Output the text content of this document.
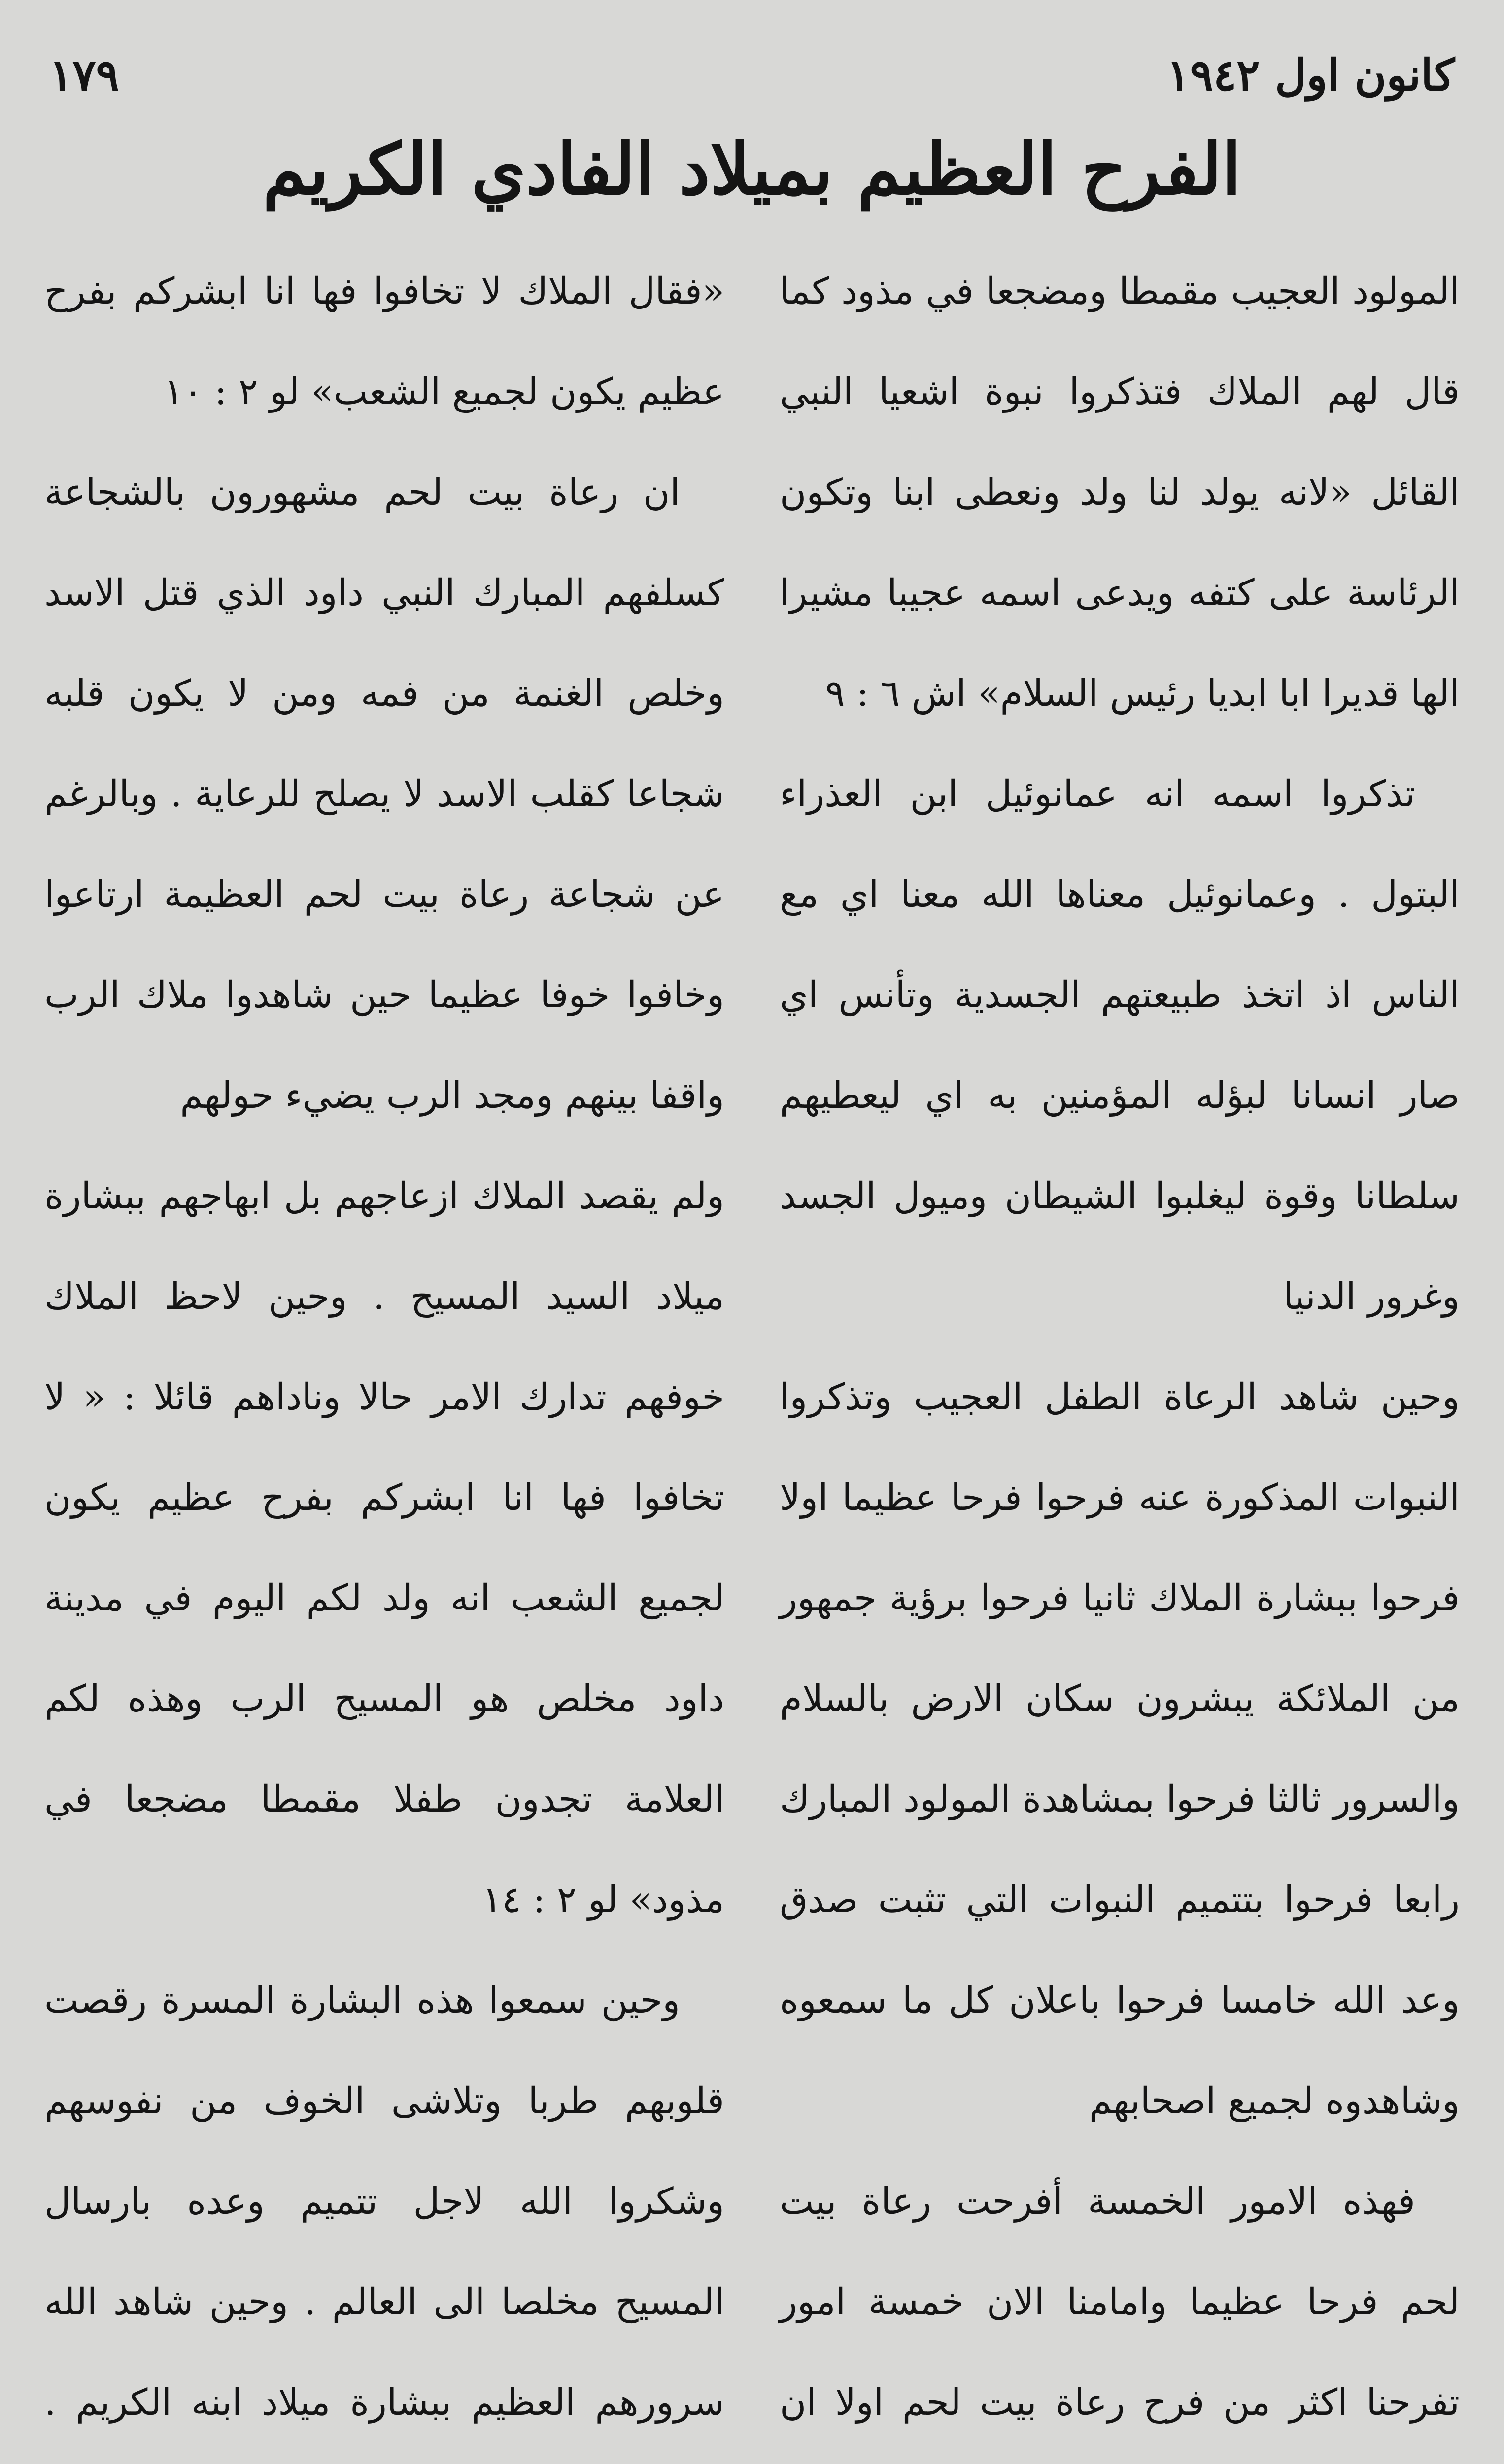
كانون اول ١٩٤٢
١٧٩
الفرح العظيم بميلاد الفادي الكريم

«فقال الملاك لا تخافوا فها انا ابشركم بفرح عظيم يكون لجميع الشعب» لو ٢ : ١٠

ان رعاة بيت لحم مشهورون بالشجاعة كسلفهم المبارك النبي داود الذي قتل الاسد وخلص الغنمة من فمه ومن لا يكون قلبه شجاعا كقلب الاسد لا يصلح للرعاية . وبالرغم عن شجاعة رعاة بيت لحم العظيمة ارتاعوا وخافوا خوفا عظيما حين شاهدوا ملاك الرب واقفا بينهم ومجد الرب يضيء حولهم

ولم يقصد الملاك ازعاجهم بل ابهاجهم ببشارة ميلاد السيد المسيح . وحين لاحظ الملاك خوفهم تدارك الامر حالا وناداهم قائلا : « لا تخافوا فها انا ابشركم بفرح عظيم يكون لجميع الشعب انه ولد لكم اليوم في مدينة داود مخلص هو المسيح الرب وهذه لكم العلامة تجدون طفلا مقمطا مضجعا في مذود» لو ٢ : ١٤

وحين سمعوا هذه البشارة المسرة رقصت قلوبهم طربا وتلاشى الخوف من نفوسهم وشكروا الله لاجل تتميم وعده بارسال المسيح مخلصا الى العالم . وحين شاهد الله سرورهم العظيم ببشارة ميلاد ابنه الكريم .

المولود العجيب مقمطا ومضجعا في مذود كما قال لهم الملاك فتذكروا نبوة اشعيا النبي القائل «لانه يولد لنا ولد ونعطى ابنا وتكون الرئاسة على كتفه ويدعى اسمه عجيبا مشيرا الها قديرا ابا ابديا رئيس السلام» اش ٦ : ٩

تذكروا اسمه انه عمانوئيل ابن العذراء البتول . وعمانوئيل معناها الله معنا اي مع الناس اذ اتخذ طبيعتهم الجسدية وتأنس اي صار انسانا لبؤله المؤمنين به اي ليعطيهم سلطانا وقوة ليغلبوا الشيطان وميول الجسد وغرور الدنيا

وحين شاهد الرعاة الطفل العجيب وتذكروا النبوات المذكورة عنه فرحوا فرحا عظيما اولا فرحوا ببشارة الملاك ثانيا فرحوا برؤية جمهور من الملائكة يبشرون سكان الارض بالسلام والسرور ثالثا فرحوا بمشاهدة المولود المبارك رابعا فرحوا بتتميم النبوات التي تثبت صدق وعد الله خامسا فرحوا باعلان كل ما سمعوه وشاهدوه لجميع اصحابهم

فهذه الامور الخمسة أفرحت رعاة بيت لحم فرحا عظيما وامامنا الان خمسة امور تفرحنا اكثر من فرح رعاة بيت لحم اولا ان
